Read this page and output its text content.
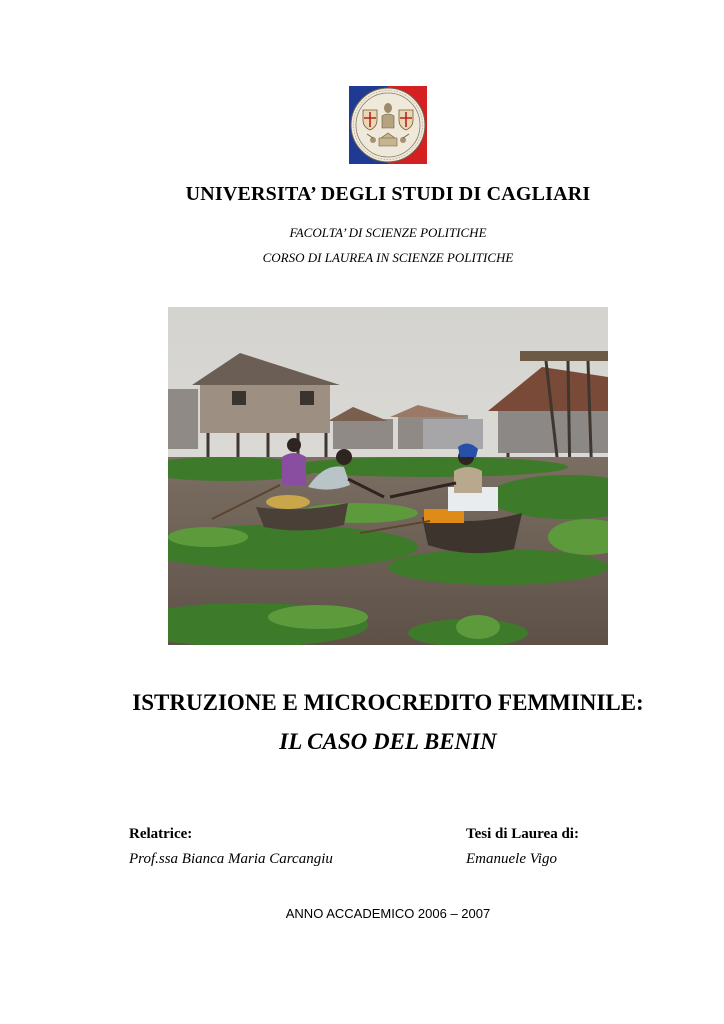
UNIVERSITA’ DEGLI STUDI DI CAGLIARI
FACOLTA’ DI SCIENZE POLITICHE
CORSO DI LAUREA IN SCIENZE POLITICHE
ISTRUZIONE E MICROCREDITO FEMMINILE:
IL CASO DEL BENIN
Relatrice:
Prof.ssa Bianca Maria Carcangiu
Tesi di Laurea di:
Emanuele Vigo
ANNO ACCADEMICO 2006 – 2007
